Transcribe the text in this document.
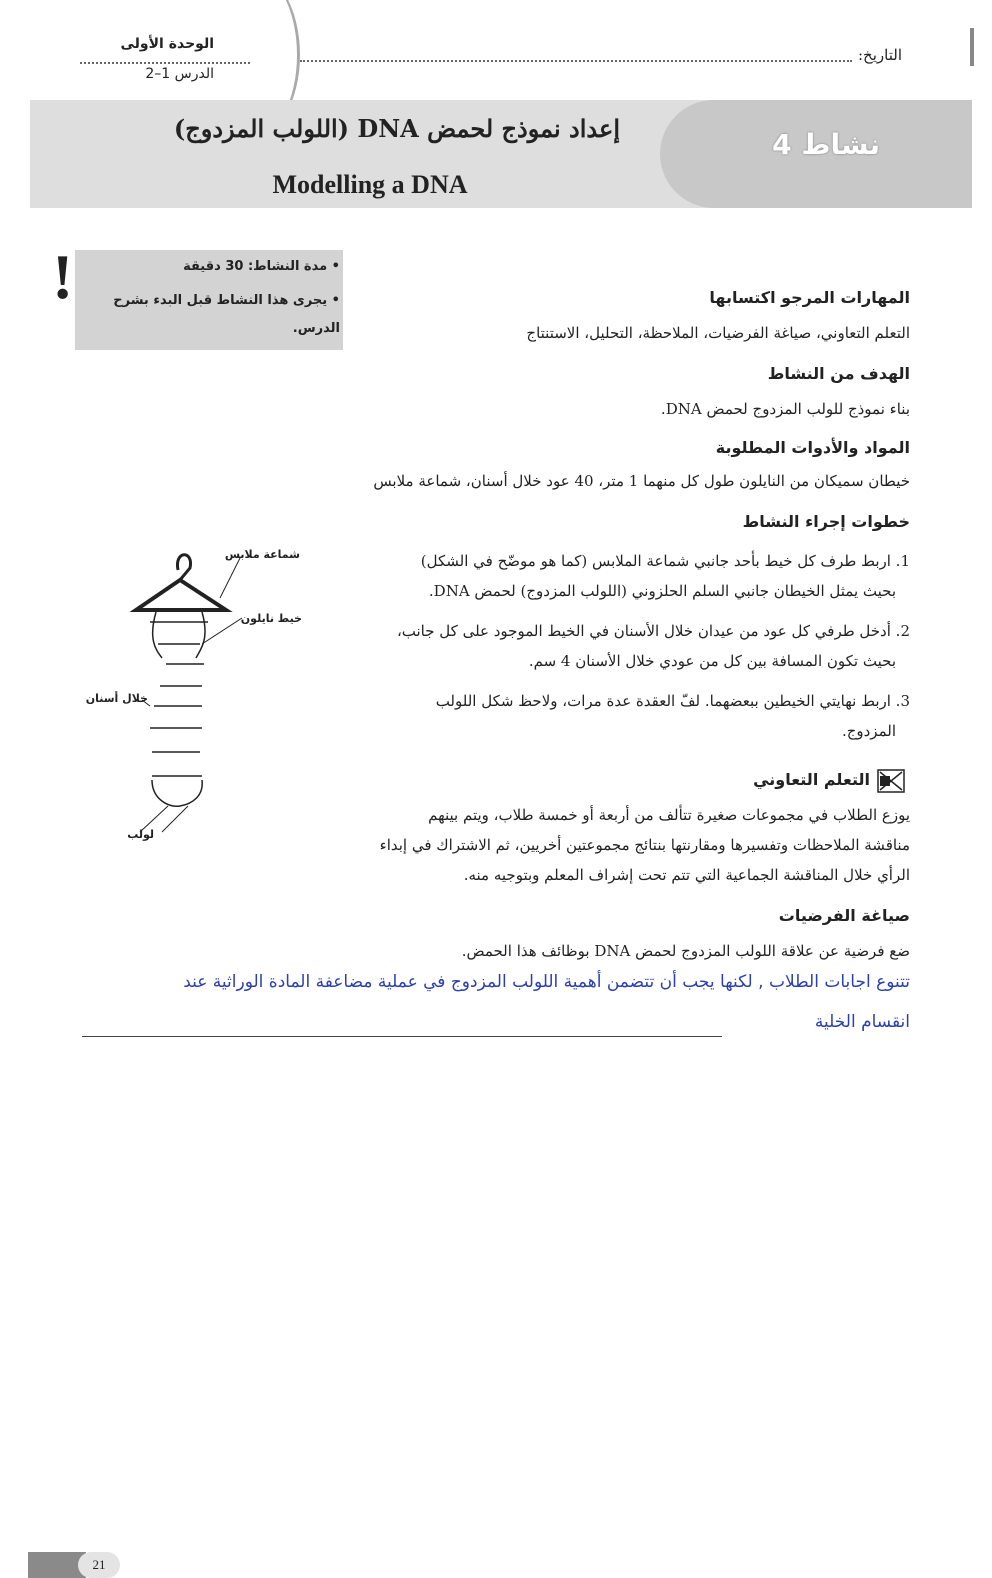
التاريخ:
الوحدة الأولى
الدرس 1–2
نشاط 4
إعداد نموذج لحمض DNA (اللولب المزدوج)
Modelling a DNA
!	• مدة النشاط: 30 دقيقة
• يجرى هذا النشاط قبل البدء بشرح
الدرس.
المهارات المرجو اكتسابها
التعلم التعاوني، صياغة الفرضيات، الملاحظة، التحليل، الاستنتاج
الهدف من النشاط
بناء نموذج للولب المزدوج لحمض DNA.
المواد والأدوات المطلوبة
خيطان سميكان من النايلون طول كل منهما 1 متر، 40 عود خلال أسنان، شماعة ملابس
خطوات إجراء النشاط
1. اربط طرف كل خيط بأحد جانبي شماعة الملابس (كما هو موضّح في الشكل)
بحيث يمثل الخيطان جانبي السلم الحلزوني (اللولب المزدوج) لحمض DNA.
2. أدخل طرفي كل عود من عيدان خلال الأسنان في الخيط الموجود على كل جانب،
بحيث تكون المسافة بين كل من عودي خلال الأسنان 4 سم.
3. اربط نهايتي الخيطين ببعضهما. لفّ العقدة عدة مرات، ولاحظ شكل اللولب
المزدوج.
شماعة ملابس
خيط نايلون
خلال أسنان
لولب
التعلم التعاوني
يوزع الطلاب في مجموعات صغيرة تتألف من أربعة أو خمسة طلاب، ويتم بينهم
مناقشة الملاحظات وتفسيرها ومقارنتها بنتائج مجموعتين أخريين، ثم الاشتراك في إبداء
الرأي خلال المناقشة الجماعية التي تتم تحت إشراف المعلم وبتوجيه منه.
صياغة الفرضيات
ضع فرضية عن علاقة اللولب المزدوج لحمض DNA بوظائف هذا الحمض.
تتنوع اجابات الطلاب , لكنها يجب أن تتضمن أهمية اللولب المزدوج في عملية مضاعفة المادة الوراثية عند
انقسام الخلية
21
